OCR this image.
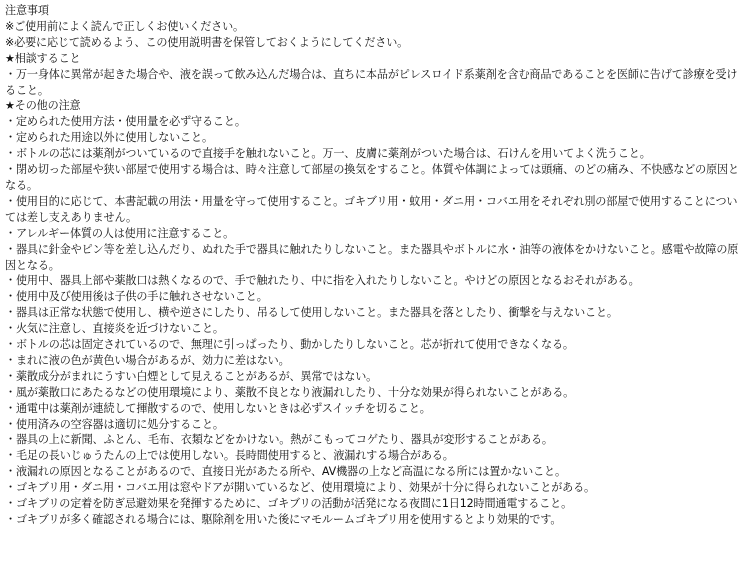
注意事項

※ご使用前によく読んで正しくお使いください。

※必要に応じて読めるよう、この使用説明書を保管しておくようにしてください。

★相談すること

・万一身体に異常が起きた場合や、液を誤って飲み込んだ場合は、直ちに本品がピレスロイド系薬剤を含む商品であることを医師に告げて診療を受けること。

★その他の注意

・定められた使用方法・使用量を必ず守ること。

・定められた用途以外に使用しないこと。

・ボトルの芯には薬剤がついているので直接手を触れないこと。万一、皮膚に薬剤がついた場合は、石けんを用いてよく洗うこと。

・閉め切った部屋や狭い部屋で使用する場合は、時々注意して部屋の換気をすること。体質や体調によっては頭痛、のどの痛み、不快感などの原因となる。

・使用目的に応じて、本書記載の用法・用量を守って使用すること。ゴキブリ用・蚊用・ダニ用・コバエ用をそれぞれ別の部屋で使用することについては差し支えありません。

・アレルギー体質の人は使用に注意すること。

・器具に針金やピン等を差し込んだり、ぬれた手で器具に触れたりしないこと。また器具やボトルに水・油等の液体をかけないこと。感電や故障の原因となる。

・使用中、器具上部や薬散口は熱くなるので、手で触れたり、中に指を入れたりしないこと。やけどの原因となるおそれがある。

・使用中及び使用後は子供の手に触れさせないこと。

・器具は正常な状態で使用し、横や逆さにしたり、吊るして使用しないこと。また器具を落としたり、衝撃を与えないこと。

・火気に注意し、直接炎を近づけないこと。

・ボトルの芯は固定されているので、無理に引っぱったり、動かしたりしないこと。芯が折れて使用できなくなる。

・まれに液の色が黄色い場合があるが、効力に差はない。

・薬散成分がまれにうすい白煙として見えることがあるが、異常ではない。

・風が薬散口にあたるなどの使用環境により、薬散不良となり液漏れしたり、十分な効果が得られないことがある。

・通電中は薬剤が連続して揮散するので、使用しないときは必ずスイッチを切ること。

・使用済みの空容器は適切に処分すること。

・器具の上に新聞、ふとん、毛布、衣類などをかけない。熱がこもってコゲたり、器具が変形することがある。

・毛足の長いじゅうたんの上では使用しない。長時間使用すると、液漏れする場合がある。

・液漏れの原因となることがあるので、直接日光があたる所や、AV機器の上など高温になる所には置かないこと。

・ゴキブリ用・ダニ用・コバエ用は窓やドアが開いているなど、使用環境により、効果が十分に得られないことがある。

・ゴキブリの定着を防ぎ忌避効果を発揮するために、ゴキブリの活動が活発になる夜間に1日12時間通電すること。

・ゴキブリが多く確認される場合には、駆除剤を用いた後にマモルームゴキブリ用を使用するとより効果的です。
